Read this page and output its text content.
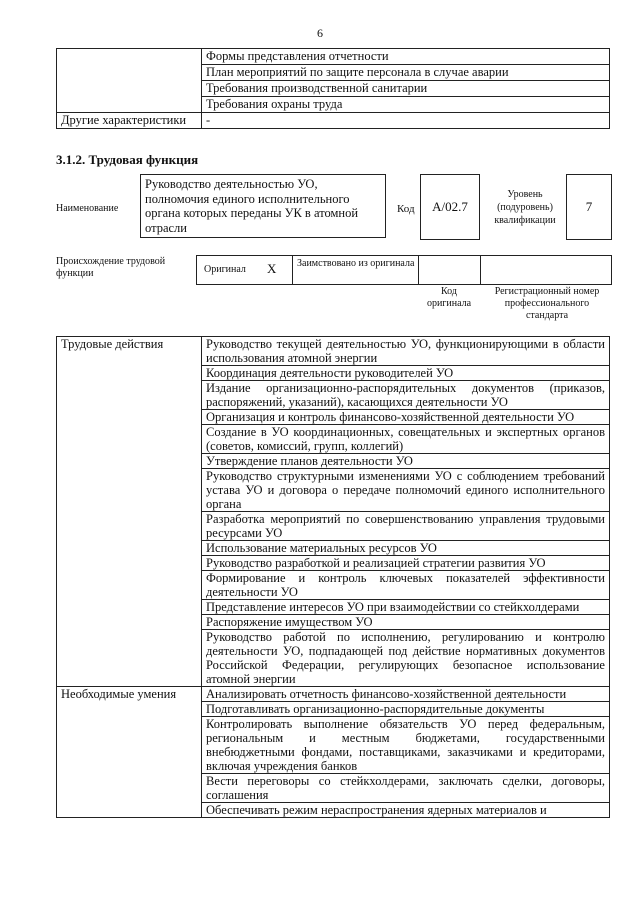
6
	Формы представления отчетности
	План мероприятий по защите персонала в случае аварии
	Требования производственной санитарии
	Требования охраны труда
Другие характеристики	-
3.1.2. Трудовая функция
Наименование
Руководство деятельностью УО, полномочия единого исполнительного органа которых переданы УК в атомной отрасли
Код	A/02.7
Уровень (подуровень) квалификации
7
Происхождение трудовой функции	Оригинал X Заимствовано из оригинала
Код оригинала
Регистрационный номер профессионального стандарта
Трудовые действия	Руководство текущей деятельностью УО, функционирующими в области использования атомной энергии

	Координация деятельности руководителей УО

	Издание организационно-распорядительных документов (приказов, распоряжений, указаний), касающихся деятельности УО

	Организация и контроль финансово-хозяйственной деятельности УО

	Создание в УО координационных, совещательных и экспертных органов (советов, комиссий, групп, коллегий)

	Утверждение планов деятельности УО

	Руководство структурными изменениями УО с соблюдением требований устава УО и договора о передаче полномочий единого исполнительного органа

	Разработка мероприятий по совершенствованию управления трудовыми ресурсами УО

	Использование материальных ресурсов УО

	Руководство разработкой и реализацией стратегии развития УО

	Формирование и контроль ключевых показателей эффективности деятельности УО

	Представление интересов УО при взаимодействии со стейкхолдерами

	Распоряжение имуществом УО

	Руководство работой по исполнению, регулированию и контролю деятельности УО, подпадающей под действие нормативных документов Российской Федерации, регулирующих безопасное использование атомной энергии

Необходимые умения	Анализировать отчетность финансово-хозяйственной деятельности

	Подготавливать организационно-распорядительные документы

	Контролировать выполнение обязательств УО перед федеральным, региональным и местным бюджетами, государственными внебюджетными фондами, поставщиками, заказчиками и кредиторами, включая учреждения банков

	Вести переговоры со стейкхолдерами, заключать сделки, договоры, соглашения

	Обеспечивать режим нераспространения ядерных материалов и
